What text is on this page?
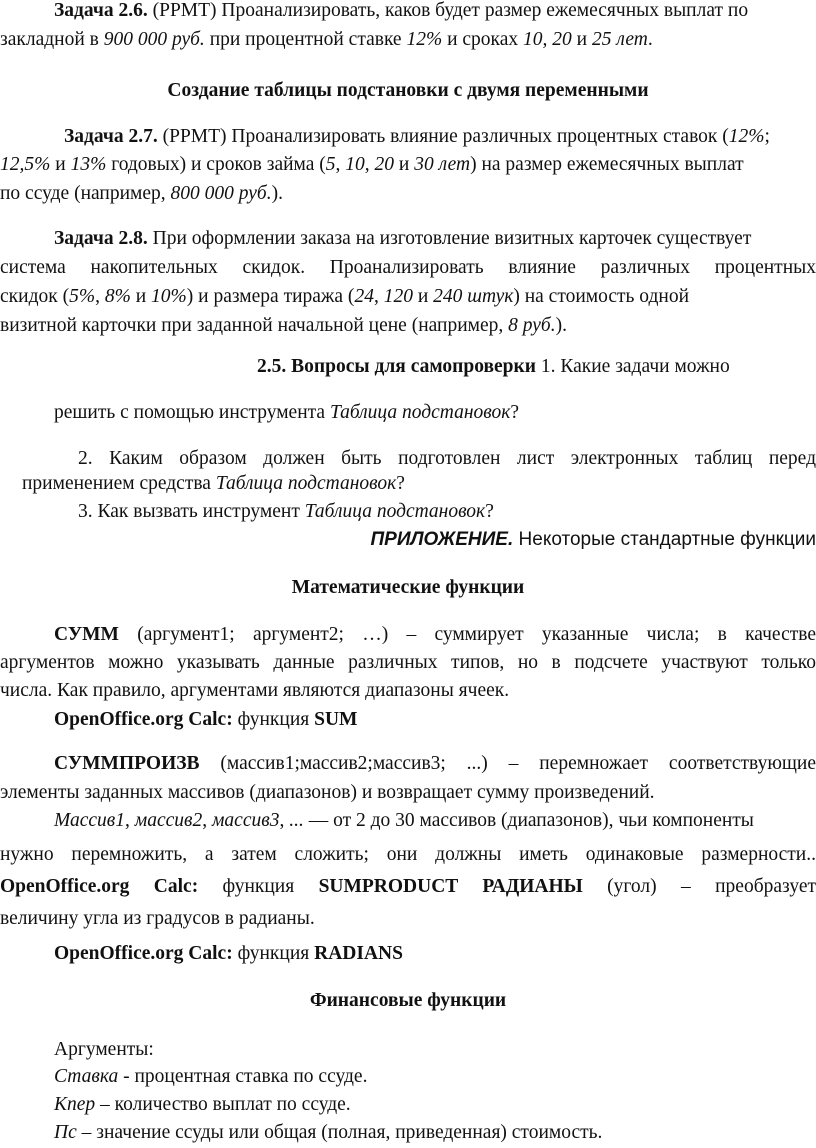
Задача 2.6. (РРМТ) Проанализировать, каков будет размер ежемесячных выплат по
закладной в 900 000 руб. при процентной ставке 12% и сроках 10, 20 и 25 лет.
Создание таблицы подстановки с двумя переменными
Задача 2.7. (РРМТ) Проанализировать влияние различных процентных ставок (12%;
12,5% и 13% годовых) и сроков займа (5, 10, 20 и 30 лет) на размер ежемесячных выплат
по ссуде (например, 800 000 руб.).
Задача 2.8. При оформлении заказа на изготовление визитных карточек существует
система накопительных скидок. Проанализировать влияние различных процентных
скидок (5%, 8% и 10%) и размера тиража (24, 120 и 240 штук) на стоимость одной
визитной карточки при заданной начальной цене (например, 8 руб.).
2.5. Вопросы для самопроверки 1. Какие задачи можно
решить с помощью инструмента Таблица подстановок?
2. Каким образом должен быть подготовлен лист электронных таблиц перед
применением средства Таблица подстановок?
3. Как вызвать инструмент Таблица подстановок?
ПРИЛОЖЕНИЕ. Некоторые стандартные функции
Математические функции
СУММ (аргумент1; аргумент2; …) – суммирует указанные числа; в качестве
аргументов можно указывать данные различных типов, но в подсчете участвуют только
числа. Как правило, аргументами являются диапазоны ячеек.
OpenOffice.org Calc: функция SUM
СУММПРОИЗВ (массив1;массив2;массив3; ...) – перемножает соответствующие
элементы заданных массивов (диапазонов) и возвращает сумму произведений.
Массив1, массив2, массив3, ... — от 2 до 30 массивов (диапазонов), чьи компоненты
нужно перемножить, а затем сложить; они должны иметь одинаковые размерности..
OpenOffice.org Calc: функция SUMPRODUCT РАДИАНЫ (угол) – преобразует
величину угла из градусов в радианы.
OpenOffice.org Calc: функция RADIANS
Финансовые функции
Аргументы:
Ставка - процентная ставка по ссуде.
Кпер – количество выплат по ссуде.
Пс – значение ссуды или общая (полная, приведенная) стоимость.
